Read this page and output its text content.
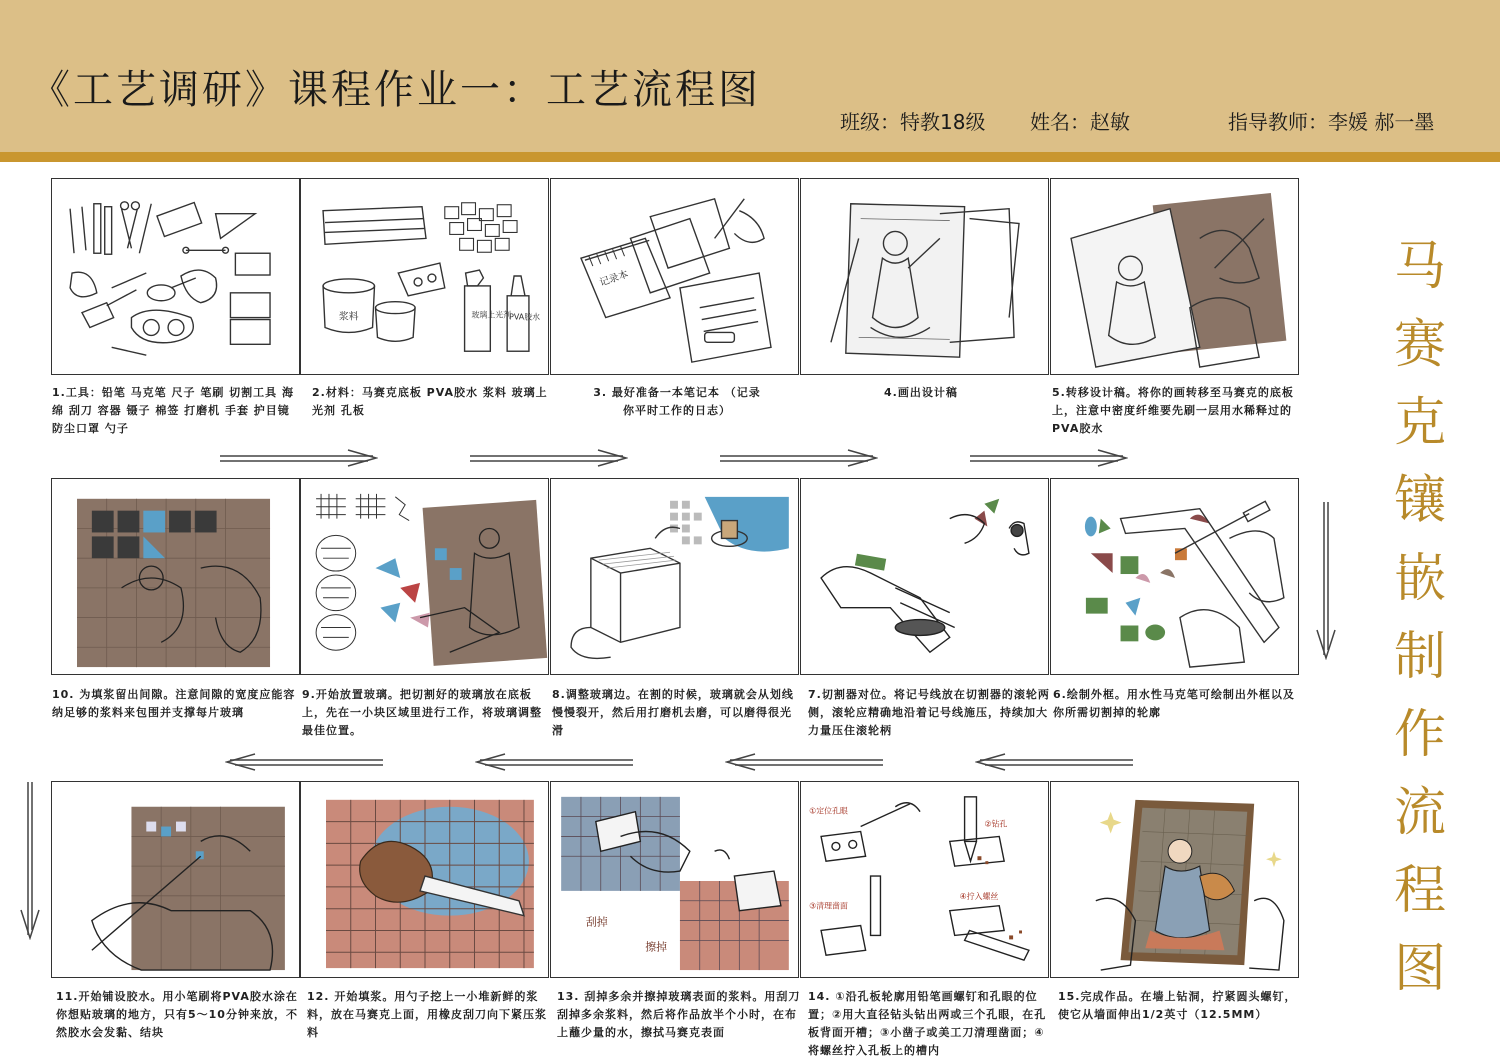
《工艺调研》课程作业一：工艺流程图
班级：特教18级 姓名：赵敏	指导教师：李媛 郝一墨
马
赛
克
镶
嵌
制
作
流
程
图
浆料	玻璃上光剂
PVA胶水
记录本
1.工具：铅笔 马克笔 尺子 笔刷 切割工具 海绵 刮刀 容器 镊子 棉签 打磨机 手套 护目镜 防尘口罩 勺子
2.材料：马赛克底板 PVA胶水 浆料 玻璃上光剂 孔板
3. 最好准备一本笔记本 （记录你平时工作的日志）
4.画出设计稿	5.转移设计稿。将你的画转移至马赛克的底板上，注意中密度纤维要先刷一层用水稀释过的PVA胶水
10. 为填浆留出间隙。注意间隙的宽度应能容纳足够的浆料来包围并支撑每片玻璃
9.开始放置玻璃。把切割好的玻璃放在底板上，先在一小块区域里进行工作，将玻璃调整最佳位置。
8.调整玻璃边。在割的时候，玻璃就会从划线慢慢裂开，然后用打磨机去磨，可以磨得很光滑
7.切割器对位。将记号线放在切割器的滚轮两侧，滚轮应精确地沿着记号线施压，持续加大力量压住滚轮柄
6.绘制外框。用水性马克笔可绘制出外框以及你所需切割掉的轮廓
刮掉
擦掉
①定位孔眼
②钻孔
③清理凿面
④拧入螺丝
11.开始铺设胶水。用小笔刷将PVA胶水涂在你想贴玻璃的地方，只有5～10分钟来放，不然胶水会发黏、结块
12. 开始填浆。用勺子挖上一小堆新鲜的浆料，放在马赛克上面，用橡皮刮刀向下紧压浆料
13. 刮掉多余并擦掉玻璃表面的浆料。用刮刀刮掉多余浆料，然后将作品放半个小时，在布上蘸少量的水，擦拭马赛克表面
14. ①沿孔板轮廓用铅笔画螺钉和孔眼的位置；②用大直径钻头钻出两或三个孔眼，在孔板背面开槽；③小凿子或美工刀清理凿面；④将螺丝拧入孔板上的槽内
15.完成作品。在墙上钻洞，拧紧圆头螺钉，使它从墙面伸出1/2英寸（12.5MM）
